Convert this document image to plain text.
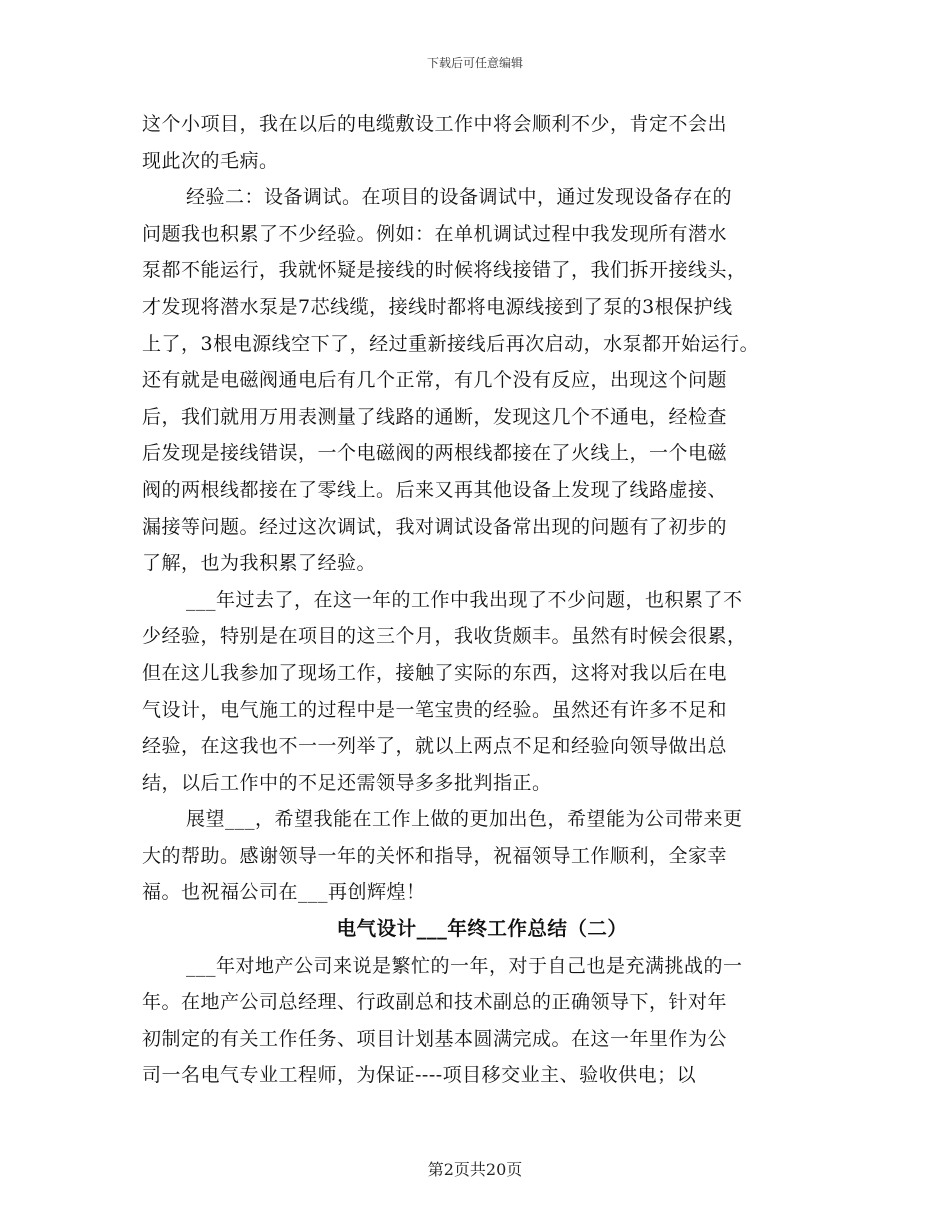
下载后可任意编辑
这个小项目，我在以后的电缆敷设工作中将会顺利不少，肯定不会出
现此次的毛病。
经验二：设备调试。在项目的设备调试中，通过发现设备存在的
问题我也积累了不少经验。例如：在单机调试过程中我发现所有潜水
泵都不能运行，我就怀疑是接线的时候将线接错了，我们拆开接线头，
才发现将潜水泵是7芯线缆，接线时都将电源线接到了泵的3根保护线
上了，3根电源线空下了，经过重新接线后再次启动，水泵都开始运行。
还有就是电磁阀通电后有几个正常，有几个没有反应，出现这个问题
后，我们就用万用表测量了线路的通断，发现这几个不通电，经检查
后发现是接线错误，一个电磁阀的两根线都接在了火线上，一个电磁
阀的两根线都接在了零线上。后来又再其他设备上发现了线路虚接、
漏接等问题。经过这次调试，我对调试设备常出现的问题有了初步的
了解，也为我积累了经验。
___年过去了，在这一年的工作中我出现了不少问题，也积累了不
少经验，特别是在项目的这三个月，我收货颇丰。虽然有时候会很累，
但在这儿我参加了现场工作，接触了实际的东西，这将对我以后在电
气设计，电气施工的过程中是一笔宝贵的经验。虽然还有许多不足和
经验，在这我也不一一列举了，就以上两点不足和经验向领导做出总
结，以后工作中的不足还需领导多多批判指正。
展望___，希望我能在工作上做的更加出色，希望能为公司带来更
大的帮助。感谢领导一年的关怀和指导，祝福领导工作顺利，全家幸
福。也祝福公司在___再创辉煌！
电气设计___年终工作总结（二）
___年对地产公司来说是繁忙的一年，对于自己也是充满挑战的一
年。在地产公司总经理、行政副总和技术副总的正确领导下，针对年
初制定的有关工作任务、项目计划基本圆满完成。在这一年里作为公
司一名电气专业工程师，为保证----项目移交业主、验收供电；以
第2页共20页
